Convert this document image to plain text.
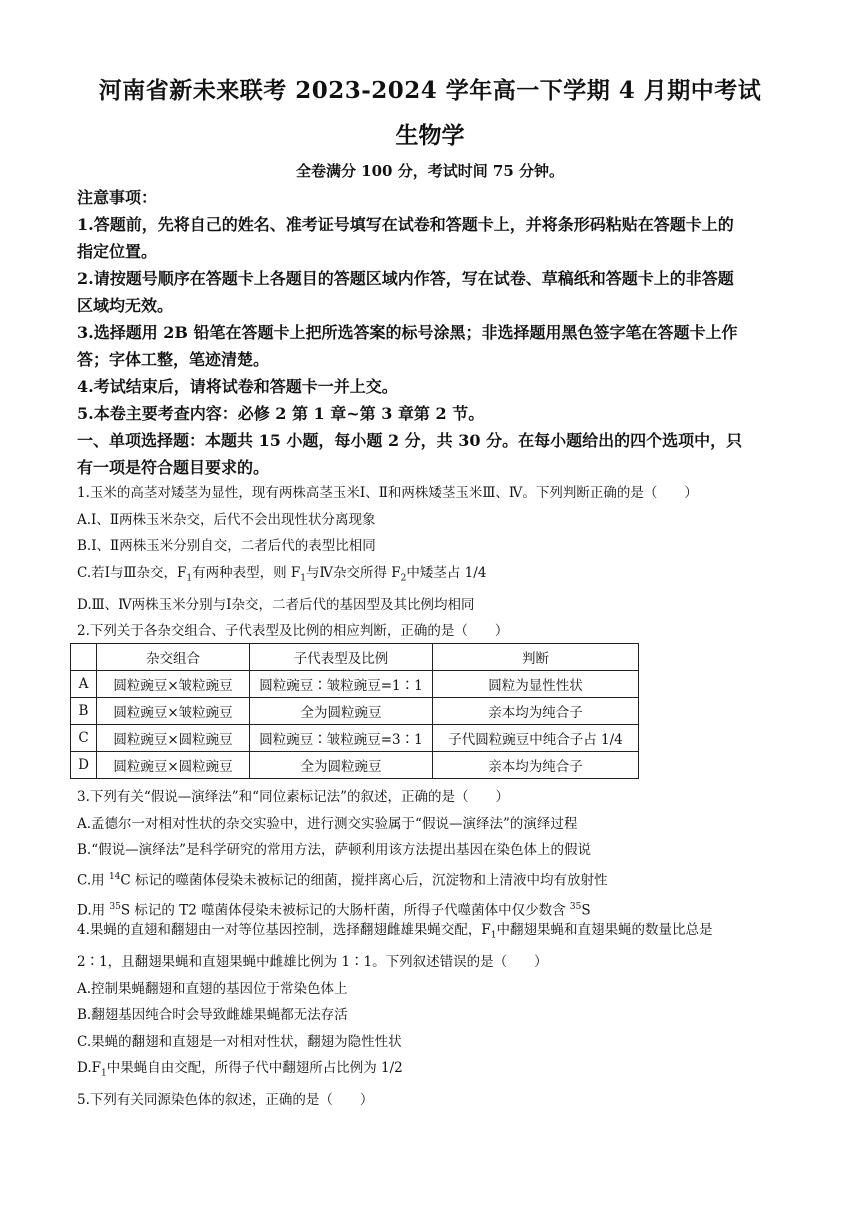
河南省新未来联考 2023-2024 学年高一下学期 4 月期中考试
生物学
全卷满分 100 分，考试时间 75 分钟。
注意事项：
1.答题前，先将自己的姓名、准考证号填写在试卷和答题卡上，并将条形码粘贴在答题卡上的
指定位置。
2.请按题号顺序在答题卡上各题目的答题区域内作答，写在试卷、草稿纸和答题卡上的非答题
区域均无效。
3.选择题用 2B 铅笔在答题卡上把所选答案的标号涂黑；非选择题用黑色签字笔在答题卡上作
答；字体工整，笔迹清楚。
4.考试结束后，请将试卷和答题卡一并上交。
5.本卷主要考查内容：必修 2 第 1 章~第 3 章第 2 节。
一、单项选择题：本题共 15 小题，每小题 2 分，共 30 分。在每小题给出的四个选项中，只
有一项是符合题目要求的。
1.玉米的高茎对矮茎为显性，现有两株高茎玉米Ⅰ、Ⅱ和两株矮茎玉米Ⅲ、Ⅳ。下列判断正确的是（　　）
A.Ⅰ、Ⅱ两株玉米杂交，后代不会出现性状分离现象
B.Ⅰ、Ⅱ两株玉米分别自交，二者后代的表型比相同
C.若Ⅰ与Ⅲ杂交，$F_1$有两种表型，则 $F_1$与Ⅳ杂交所得 $F_2$中矮茎占 1/4
D.Ⅲ、Ⅳ两株玉米分别与Ⅰ杂交，二者后代的基因型及其比例均相同
2.下列关于各杂交组合、子代表型及比例的相应判断，正确的是（　　）
	杂交组合	子代表型及比例	判断
A	圆粒豌豆×皱粒豌豆	圆粒豌豆∶皱粒豌豆=1∶1	圆粒为显性性状
B	圆粒豌豆×皱粒豌豆	全为圆粒豌豆	亲本均为纯合子
C	圆粒豌豆×圆粒豌豆	圆粒豌豆∶皱粒豌豆=3∶1	子代圆粒豌豆中纯合子占 1/4
D	圆粒豌豆×圆粒豌豆	全为圆粒豌豆	亲本均为纯合子
3.下列有关“假说—演绎法”和“同位素标记法”的叙述，正确的是（　　）
A.孟德尔一对相对性状的杂交实验中，进行测交实验属于“假说—演绎法”的演绎过程
B.“假说—演绎法”是科学研究的常用方法，萨顿利用该方法提出基因在染色体上的假说
C.用 $^{14}$C 标记的噬菌体侵染未被标记的细菌，搅拌离心后，沉淀物和上清液中均有放射性
D.用 $^{35}$S 标记的 T2 噬菌体侵染未被标记的大肠杆菌，所得子代噬菌体中仅少数含 $^{35}$S
4.果蝇的直翅和翻翅由一对等位基因控制，选择翻翅雌雄果蝇交配，$F_1$中翻翅果蝇和直翅果蝇的数量比总是
2∶1，且翻翅果蝇和直翅果蝇中雌雄比例为 1∶1。下列叙述错误的是（　　）
A.控制果蝇翻翅和直翅的基因位于常染色体上
B.翻翅基因纯合时会导致雌雄果蝇都无法存活
C.果蝇的翻翅和直翅是一对相对性状，翻翅为隐性性状
$D.F_1$中果蝇自由交配，所得子代中翻翅所占比例为 1/2
5.下列有关同源染色体的叙述，正确的是（　　）
